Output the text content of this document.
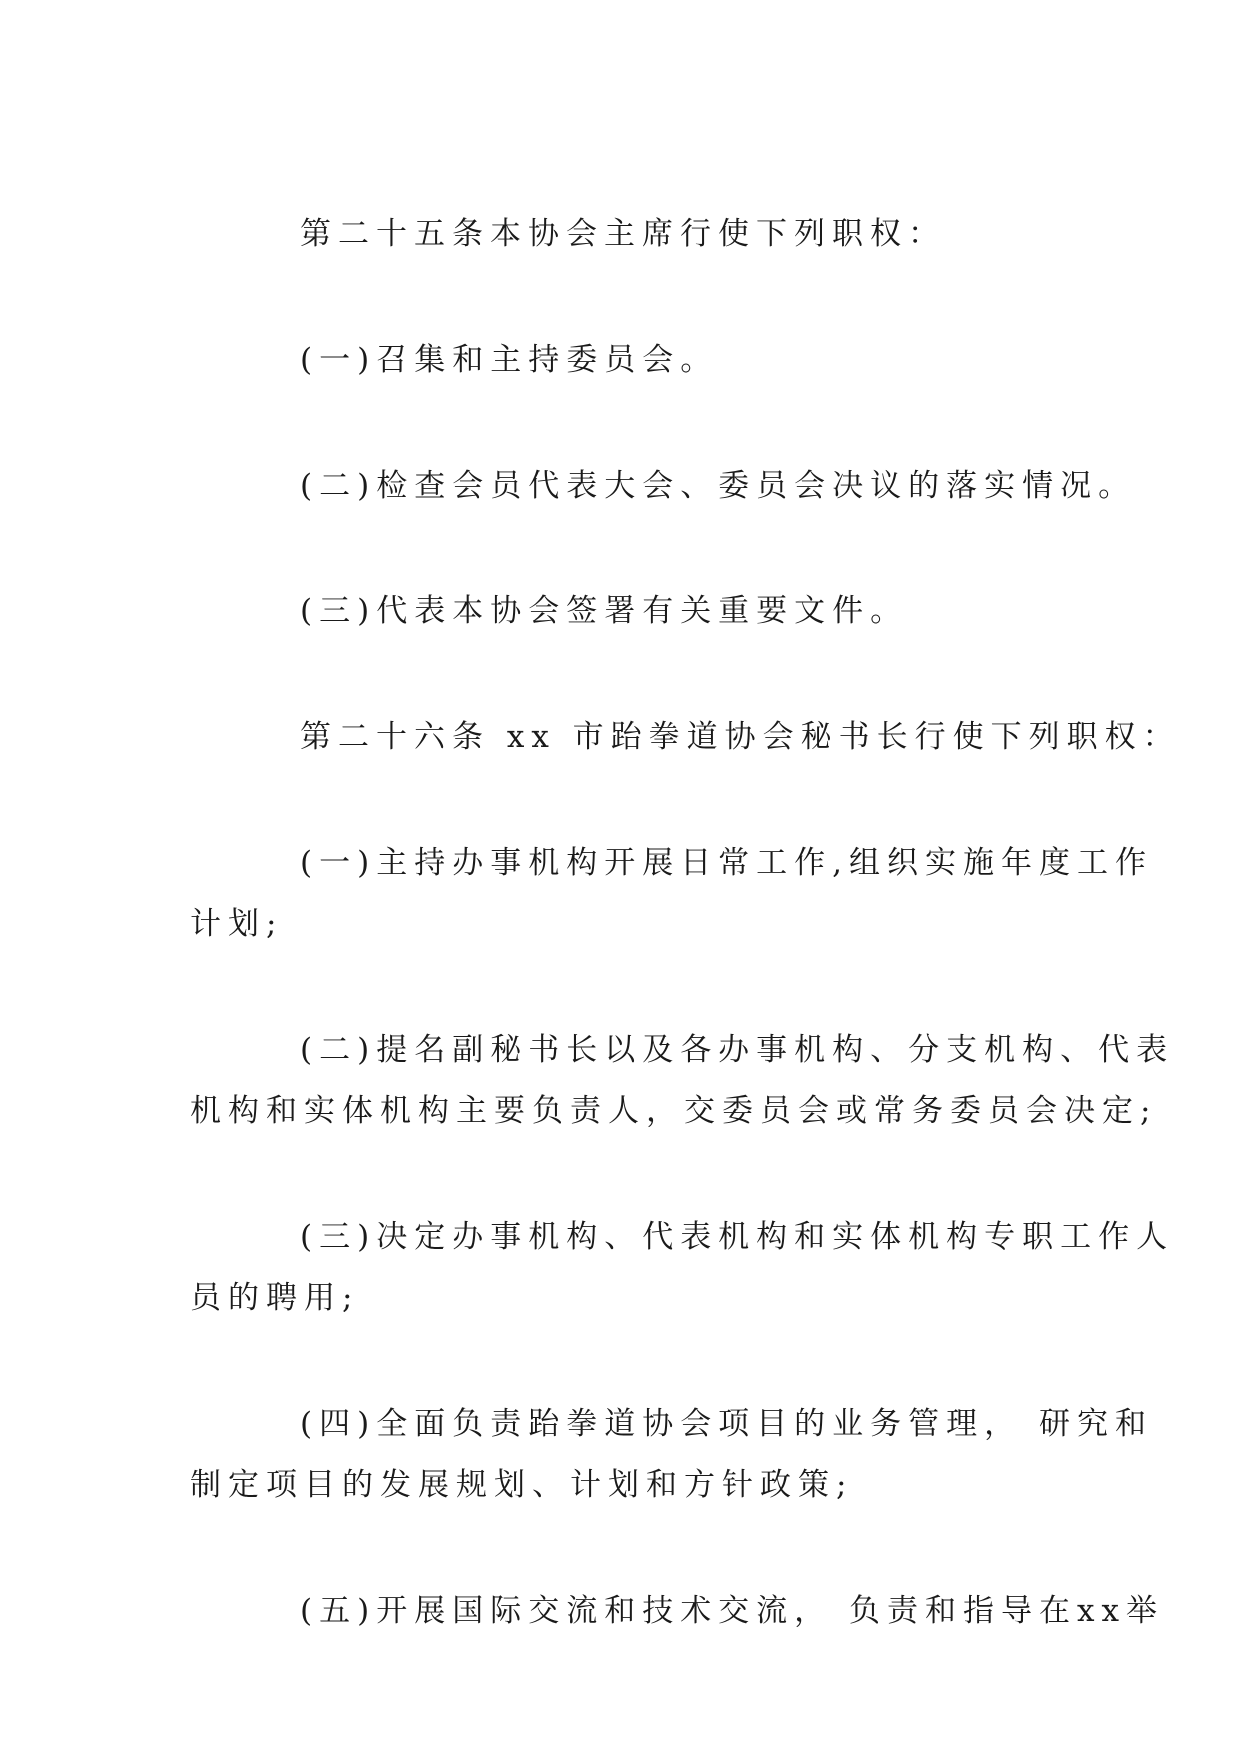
第二十五条本协会主席行使下列职权：

(一)召集和主持委员会。

(二)检查会员代表大会、委员会决议的落实情况。

(三)代表本协会签署有关重要文件。

第二十六条 xx 市跆拳道协会秘书长行使下列职权：

(一)主持办事机构开展日常工作,组织实施年度工作

计划;

(二)提名副秘书长以及各办事机构、分支机构、代表

机构和实体机构主要负责人，交委员会或常务委员会决定;

(三)决定办事机构、代表机构和实体机构专职工作人

员的聘用;

(四)全面负责跆拳道协会项目的业务管理， 研究和

制定项目的发展规划、计划和方针政策;

(五)开展国际交流和技术交流， 负责和指导在xx举
